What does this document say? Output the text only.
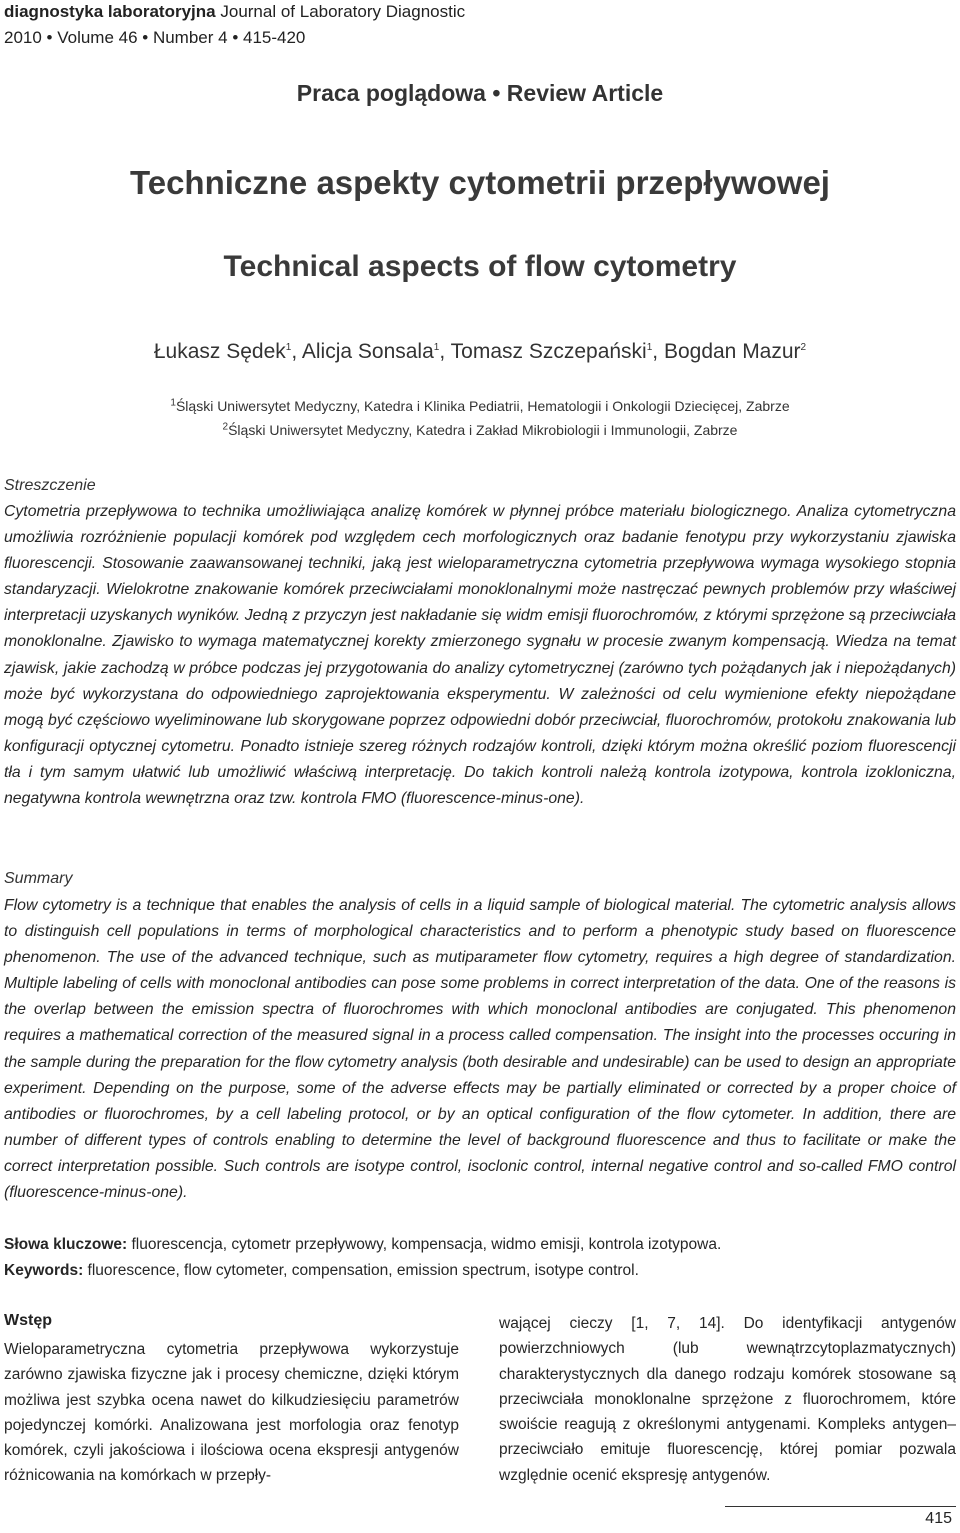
diagnostyka laboratoryjna Journal of Laboratory Diagnostic
2010 • Volume 46 • Number 4 • 415-420
Praca poglądowa • Review Article
Techniczne aspekty cytometrii przepływowej
Technical aspects of flow cytometry
Łukasz Sędek$^1$, Alicja Sonsala$^1$, Tomasz Szczepański$^1$, Bogdan Mazur$^2$
$^1$Śląski Uniwersytet Medyczny, Katedra i Klinika Pediatrii, Hematologii i Onkologii Dziecięcej, Zabrze
$^2$Śląski Uniwersytet Medyczny, Katedra i Zakład Mikrobiologii i Immunologii, Zabrze
Streszczenie

Cytometria przepływowa to technika umożliwiająca analizę komórek w płynnej próbce materiału biologicznego. Analiza cytometryczna umożliwia rozróżnienie populacji komórek pod względem cech morfologicznych oraz badanie fenotypu przy wykorzystaniu zjawiska fluorescencji. Stosowanie zaawansowanej techniki, jaką jest wieloparametryczna cytometria przepływowa wymaga wysokiego stopnia standaryzacji. Wielokrotne znakowanie komórek przeciwciałami monoklonalnymi może nastręczać pewnych problemów przy właściwej interpretacji uzyskanych wyników. Jedną z przyczyn jest nakładanie się widm emisji fluorochromów, z którymi sprzężone są przeciwciała monoklonalne. Zjawisko to wymaga matematycznej korekty zmierzonego sygnału w procesie zwanym kompensacją. Wiedza na temat zjawisk, jakie zachodzą w próbce podczas jej przygotowania do analizy cytometrycznej (zarówno tych pożądanych jak i niepożądanych) może być wykorzystana do odpowiedniego zaprojektowania eksperymentu. W zależności od celu wymienione efekty niepożądane mogą być częściowo wyeliminowane lub skorygowane poprzez odpowiedni dobór przeciwciał, fluorochromów, protokołu znakowania lub konfiguracji optycznej cytometru. Ponadto istnieje szereg różnych rodzajów kontroli, dzięki którym można określić poziom fluorescencji tła i tym samym ułatwić lub umożliwić właściwą interpretację. Do takich kontroli należą kontrola izotypowa, kontrola izokloniczna, negatywna kontrola wewnętrzna oraz tzw. kontrola FMO (fluorescence-minus-one).

Summary

Flow cytometry is a technique that enables the analysis of cells in a liquid sample of biological material. The cytometric analysis allows to distinguish cell populations in terms of morphological characteristics and to perform a phenotypic study based on fluorescence phenomenon. The use of the advanced technique, such as mutiparameter flow cytometry, requires a high degree of standardization. Multiple labeling of cells with monoclonal antibodies can pose some problems in correct interpretation of the data. One of the reasons is the overlap between the emission spectra of fluorochromes with which monoclonal antibodies are conjugated. This phenomenon requires a mathematical correction of the measured signal in a process called compensation. The insight into the processes occuring in the sample during the preparation for the flow cytometry analysis (both desirable and undesirable) can be used to design an appropriate experiment. Depending on the purpose, some of the adverse effects may be partially eliminated or corrected by a proper choice of antibodies or fluorochromes, by a cell labeling protocol, or by an optical configuration of the flow cytometer. In addition, there are number of different types of controls enabling to determine the level of background fluorescence and thus to facilitate or make the correct interpretation possible. Such controls are isotype control, isoclonic control, internal negative control and so-called FMO control (fluorescence-minus-one).

Słowa kluczowe: fluorescencja, cytometr przepływowy, kompensacja, widmo emisji, kontrola izotypowa.
Keywords: fluorescence, flow cytometer, compensation, emission spectrum, isotype control.
Wstęp

Wieloparametryczna cytometria przepływowa wykorzystuje zarówno zjawiska fizyczne jak i procesy chemiczne, dzięki którym możliwa jest szybka ocena nawet do kilkudziesięciu parametrów pojedynczej komórki. Analizowana jest morfologia oraz fenotyp komórek, czyli jakościowa i ilościowa ocena ekspresji antygenów różnicowania na komórkach w przepły-

wającej cieczy [1, 7, 14]. Do identyfikacji antygenów powierzchniowych (lub wewnątrzcytoplazmatycznych) charakterystycznych dla danego rodzaju komórek stosowane są przeciwciała monoklonalne sprzężone z fluorochromem, które swoiście reagują z określonymi antygenami. Kompleks antygen–przeciwciało emituje fluorescencję, której pomiar pozwala względnie ocenić ekspresję antygenów.

415
